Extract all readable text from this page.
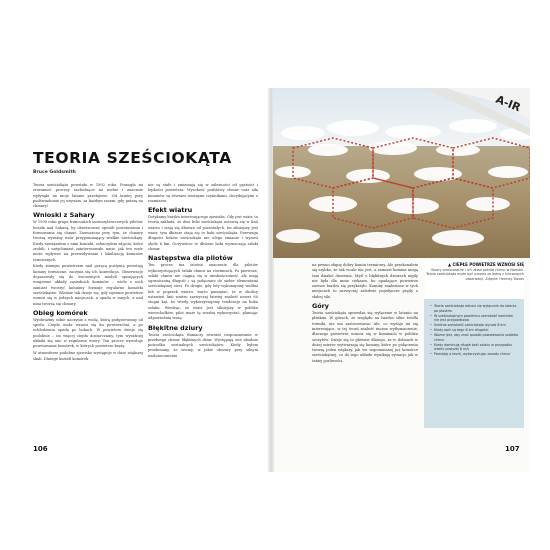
TEORIA SZEŚCIOKĄTA
Bruce Goldsmith

Teoria sześciokąta powstała w 1992 roku. Pomogła mi zrozumieć procesy zachodzące na niebie i znacznie wpłynęła na moje latanie przełajowe. Od tamtej pory podświadomie jej używam, za każdym razem, gdy patrzę na chmury!

Wnioski z Sahary

W 1990 roku grupa francuskich motoszybowcowych pilotów leciała nad Saharą, by obserwować sposób powstawania i formowania się chmur. Zauważono przy tym, że chmury tworzą wyraźny wzór przypominający wielkie sześciokąty. Kiedy nawiązałem z nimi kontakt, zobaczyłem zdjęcia, które zrobili, i natychmiast zainteresowało mnie, jak ten wzór może wpływać na przewidywanie i lokalizację kominów termicznych.

Kiedy zimnym powietrzem nad gorącą pustynią powstają kominy termiczne, zaczyna się ich konwekcja. Obserwacje dopasowały się do ówczesnych modeli opisujących wzajemne układy sąsiednich kominów – wiele z nich zamiast tworzyć kolumny formuje regularne komórki sześciokątne. Właśnie tak dzieje się, gdy ogrzane powietrze wznosi się w jednych miejscach, a opada w innych, a nad nimi tworzą się chmury.

Obieg komórek

Wyobraźmy sobie naczynie z wodą, którą podgrzewamy od spodu. Ciepła woda wznosi się ku powierzchni, a po ochłodzeniu opada po bokach. W powietrzu dzieje się podobnie – im więcej ciepła dostarczamy, tym wyraźniej układa się ono w regularne wzory. Ten proces wywołuje powstawanie komórek, w których powietrze krąży.

W atmosferze podobne zjawisko występuje w dużo większej skali. Dlatego kształt komórek

nie są stałe i zmieniają się w zależności od gęstości i lepkości powietrza. Wysokość podstawy chmur oraz siła kominów są również istotnymi czynnikami, decydującymi o rozmiarze.

Efekt wiatru

Dotykamy bardzo interesującego zjawiska. Gdy jest wiatr, to teoria zakłada, że dwa boki sześciokąta ustawią się w linii wiatru i stają się dłuższe od pozostałych. Im silniejszy jest wiatr, tym dłuższe stają się te boki sześciokąta. Przewaga długości boków sześciokąta nie ulega zmianie i wynosi około 6 km. Oczywiście te dłuższe boki wyznaczają szlaki chmur.

Następstwa dla pilotów

Ten proces ma istotne znaczenie dla pilotów wykorzystujących szlaki chmur na równinach. Po pierwsze, szlaki chmur nie ciągną się w nieskończoność, ale mają ograniczoną długość i są połączone do siebie elementami sześciokątnej sieci. Po drugie, gdy loty wykonujemy wzdłuż lub w poprzek wiatru, warto pamiętać, że w okolicy ustawień linii wiatru zazwyczaj łatwiej znaleźć nawet 60 stopni kąt, bo wtedy wykorzystujemy tendencje na boku szlaku. Wiedząc, że wiatr jest silniejszy w pobliżu wierzchołków, pilot może tę wiedzę wykorzystać, planując odpowiednią trasę.

Błękitne dziury

Teoria sześciokąta tłumaczy również rozpoznawanie w przebiegu chmur błękitnych dziur. Występują one idealnie pośrodku wirtualnych sześciokątów. Kiedy byłem przekonany, że wiemy, w jakie obszary przy silnym nasłonecznieniu

A-IR
▲ CIEPŁE POWIETRZE WZNOSI SIĘ
Wzory sześciokątne i ich układ pośród chmur w Namibii. Teoria sześciokąta może być uznana za jedną z kluczowych obserwacji. Zdjęcie: Hermey Trovas

na pewno złapię dobry komin termiczny. Ale przekonałem się szybko, że tak wcale nie jest, a zamiast komina mogą tam działać duszenia. Myśl o błękitnych dziurach nigdy nie była dla mnie ciekawa, bo opadające powietrze zawsze bardzo się przykrzyło. Kominy znalezione w tych miejscach to zazwyczaj zaledwie pojedyncze prądy o słabej sile.

Góry

Teoria sześciokąta sprawdza się wyłącznie w lataniu na płaskim. W górach, ze względu na bardzo silne źródła termiki, nie ma zastosowania. Ale, co wydaje mi się interesujące, w tej teorii znaleźć można wytłumaczenie, dlaczego powietrze wznosi się w kominach w pobliżu szczytów. Dzieje się to głównie dlatego, że w dolinach w dużej mierze wytwarzają się kominy, które po połączeniu tworzą jeden większy, jak we wspomnianej już komórce sześciokątnej, co do tego układu wynikają sytuacje jak w taniej gorliwości.

• Teoria sześciokąta odnosi się wyłącznie do latania po płaskim
• W sześciokątnym powietrzu szerokość kominów nie jest przypadkowa
• Średnia szerokość sześciokąta wynosi 6 km
• Kiedy boki są tego 6 km długości
• Ważne jest, aby znać sposób powstawania szlaków chmur
• Kiedy dominują długie boki szlaku w przypadku wiatru powyżej 6 m/s
• Pamiętaj o teorii, wykorzystując zasady chmur
106	107
